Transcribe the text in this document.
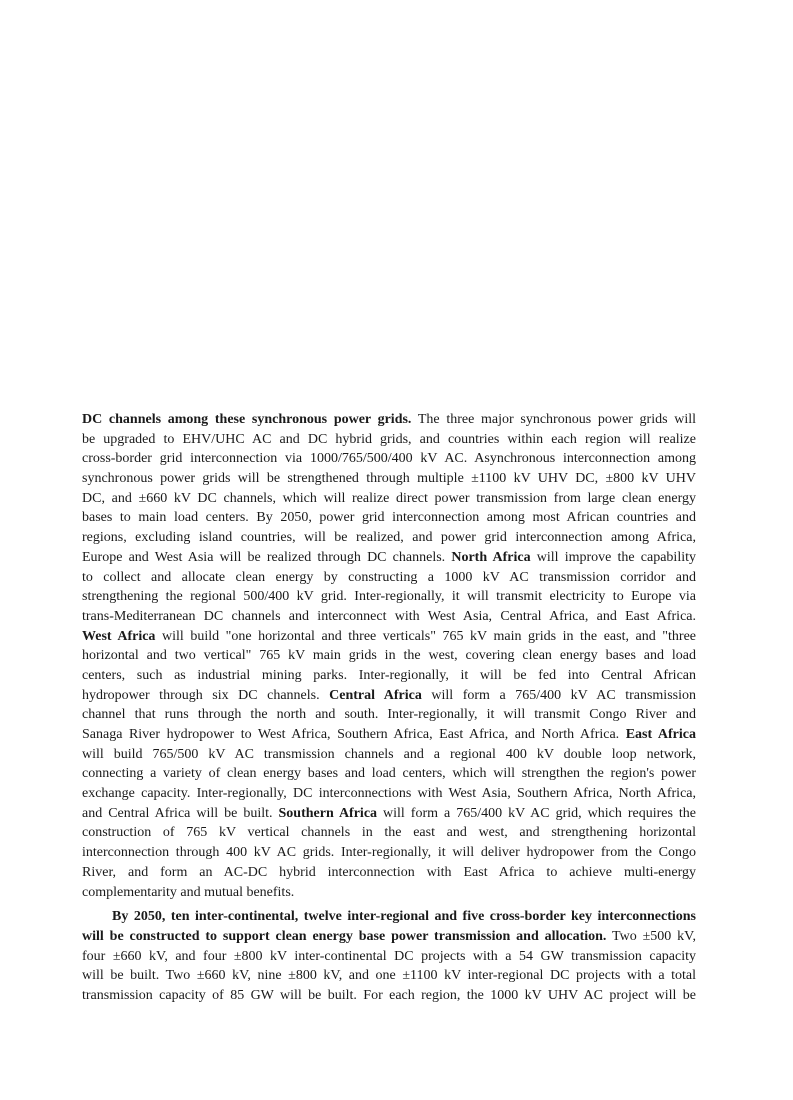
DC channels among these synchronous power grids. The three major synchronous power grids will
be upgraded to EHV/UHC AC and DC hybrid grids, and countries within each region will realize
cross-border grid interconnection via 1000/765/500/400 kV AC. Asynchronous interconnection among
synchronous power grids will be strengthened through multiple ±1100 kV UHV DC, ±800 kV UHV
DC, and ±660 kV DC channels, which will realize direct power transmission from large clean energy
bases to main load centers. By 2050, power grid interconnection among most African countries and
regions, excluding island countries, will be realized, and power grid interconnection among Africa,
Europe and West Asia will be realized through DC channels. North Africa will improve the capability
to collect and allocate clean energy by constructing a 1000 kV AC transmission corridor and
strengthening the regional 500/400 kV grid. Inter-regionally, it will transmit electricity to Europe via
trans-Mediterranean DC channels and interconnect with West Asia, Central Africa, and East Africa.
West Africa will build "one horizontal and three verticals" 765 kV main grids in the east, and "three
horizontal and two vertical" 765 kV main grids in the west, covering clean energy bases and load
centers, such as industrial mining parks. Inter-regionally, it will be fed into Central African
hydropower through six DC channels. Central Africa will form a 765/400 kV AC transmission
channel that runs through the north and south. Inter-regionally, it will transmit Congo River and
Sanaga River hydropower to West Africa, Southern Africa, East Africa, and North Africa. East Africa
will build 765/500 kV AC transmission channels and a regional 400 kV double loop network,
connecting a variety of clean energy bases and load centers, which will strengthen the region's power
exchange capacity. Inter-regionally, DC interconnections with West Asia, Southern Africa, North Africa,
and Central Africa will be built. Southern Africa will form a 765/400 kV AC grid, which requires the
construction of 765 kV vertical channels in the east and west, and strengthening horizontal
interconnection through 400 kV AC grids. Inter-regionally, it will deliver hydropower from the Congo
River, and form an AC-DC hybrid interconnection with East Africa to achieve multi-energy
complementarity and mutual benefits.
By 2050, ten inter-continental, twelve inter-regional and five cross-border key interconnections
will be constructed to support clean energy base power transmission and allocation. Two ±500 kV,
four ±660 kV, and four ±800 kV inter-continental DC projects with a 54 GW transmission capacity
will be built. Two ±660 kV, nine ±800 kV, and one ±1100 kV inter-regional DC projects with a total
transmission capacity of 85 GW will be built. For each region, the 1000 kV UHV AC project will be
